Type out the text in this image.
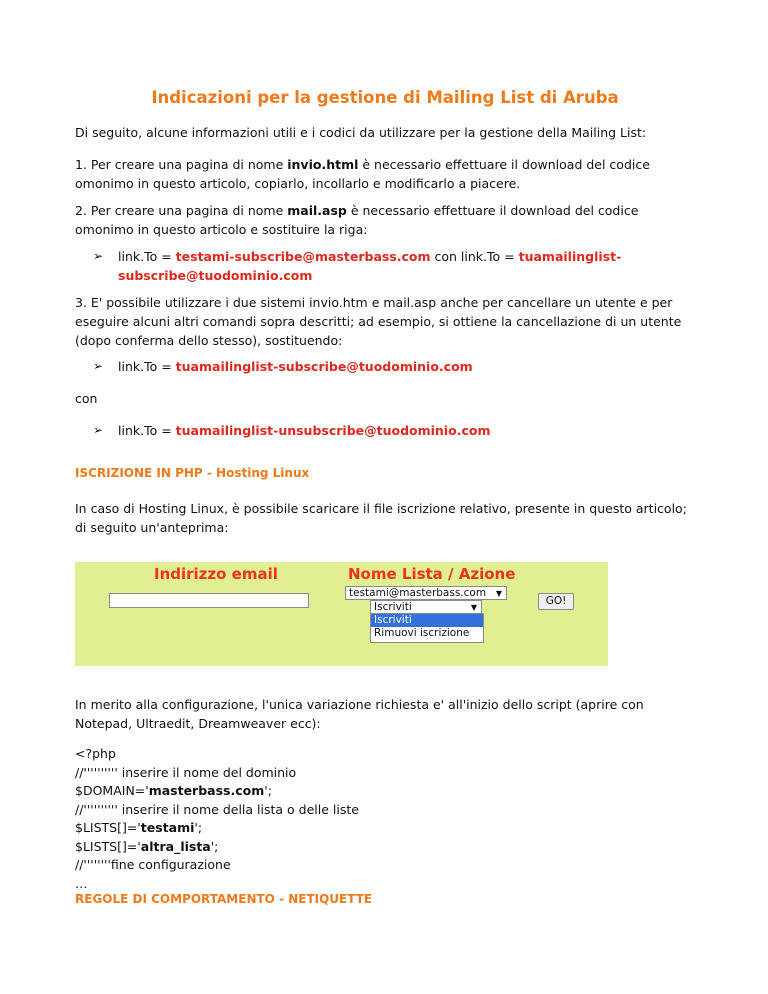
Indicazioni per la gestione di Mailing List di Aruba

Di seguito, alcune informazioni utili e i codici da utilizzare per la gestione della Mailing List:

1. Per creare una pagina di nome invio.html è necessario effettuare il download del codice omonimo in questo articolo, copiarlo, incollarlo e modificarlo a piacere.

2. Per creare una pagina di nome mail.asp è necessario effettuare il download del codice omonimo in questo articolo e sostituire la riga:

➢ link.To = testami-subscribe@masterbass.com con link.To = tuamailinglist-subscribe@tuodominio.com

3. E' possibile utilizzare i due sistemi invio.htm e mail.asp anche per cancellare un utente e per eseguire alcuni altri comandi sopra descritti; ad esempio, si ottiene la cancellazione di un utente (dopo conferma dello stesso), sostituendo:

➢ link.To = tuamailinglist-subscribe@tuodominio.com

con

➢ link.To = tuamailinglist-unsubscribe@tuodominio.com
ISCRIZIONE IN PHP - Hosting Linux

In caso di Hosting Linux, è possibile scaricare il file iscrizione relativo, presente in questo articolo; di seguito un'anteprima:

Indirizzo email	Nome Lista / Azione
testami@masterbass.com ▼
Iscriviti	▼
Iscriviti
Rimuovi iscrizione
GO!

In merito alla configurazione, l'unica variazione richiesta e' all'inizio dello script (aprire con Notepad, Ultraedit, Dreamweaver ecc):

<?php
//'''''''''' inserire il nome del dominio
$DOMAIN='masterbass.com';
//'''''''''' inserire il nome della lista o delle liste
$LISTS[]='testami';
$LISTS[]='altra_lista';
//''''''''fine configurazione
…
REGOLE DI COMPORTAMENTO - NETIQUETTE
